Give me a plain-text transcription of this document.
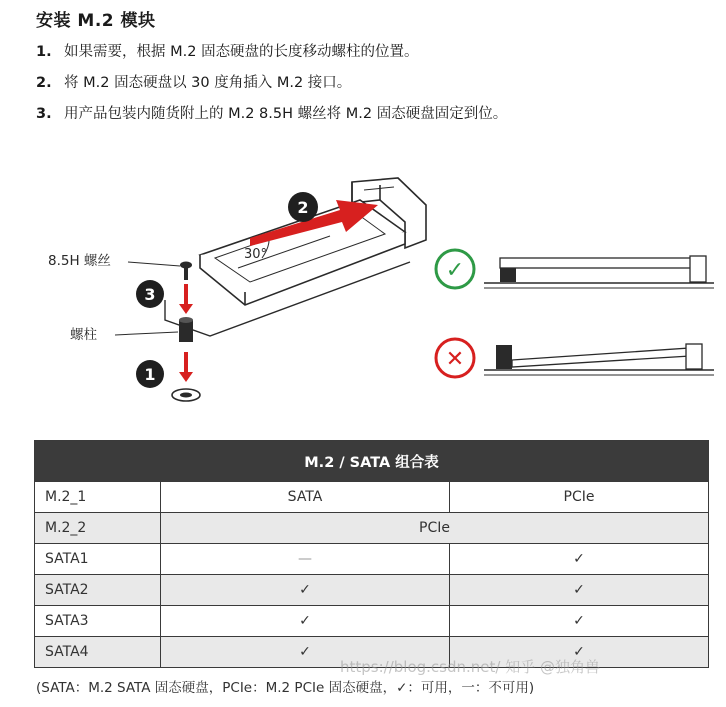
安装 M.2 模块
1. 如果需要，根据 M.2 固态硬盘的长度移动螺柱的位置。
2. 将 M.2 固态硬盘以 30 度角插入 M.2 接口。
3. 用产品包装内随货附上的 M.2 8.5H 螺丝将 M.2 固态硬盘固定到位。
30°
8.5H 螺丝
螺柱
1
2
3
✓
✕
M.2 / SATA 组合表		
M.2_1	SATA	PCIe
M.2_2	PCIe	
SATA1	—	✓
SATA2	✓	✓
SATA3	✓	✓
SATA4	✓	✓
https://blog.csdn.net/ 知乎 @独角兽
(SATA：M.2 SATA 固态硬盘，PCIe：M.2 PCIe 固态硬盘，✓：可用，一：不可用)
